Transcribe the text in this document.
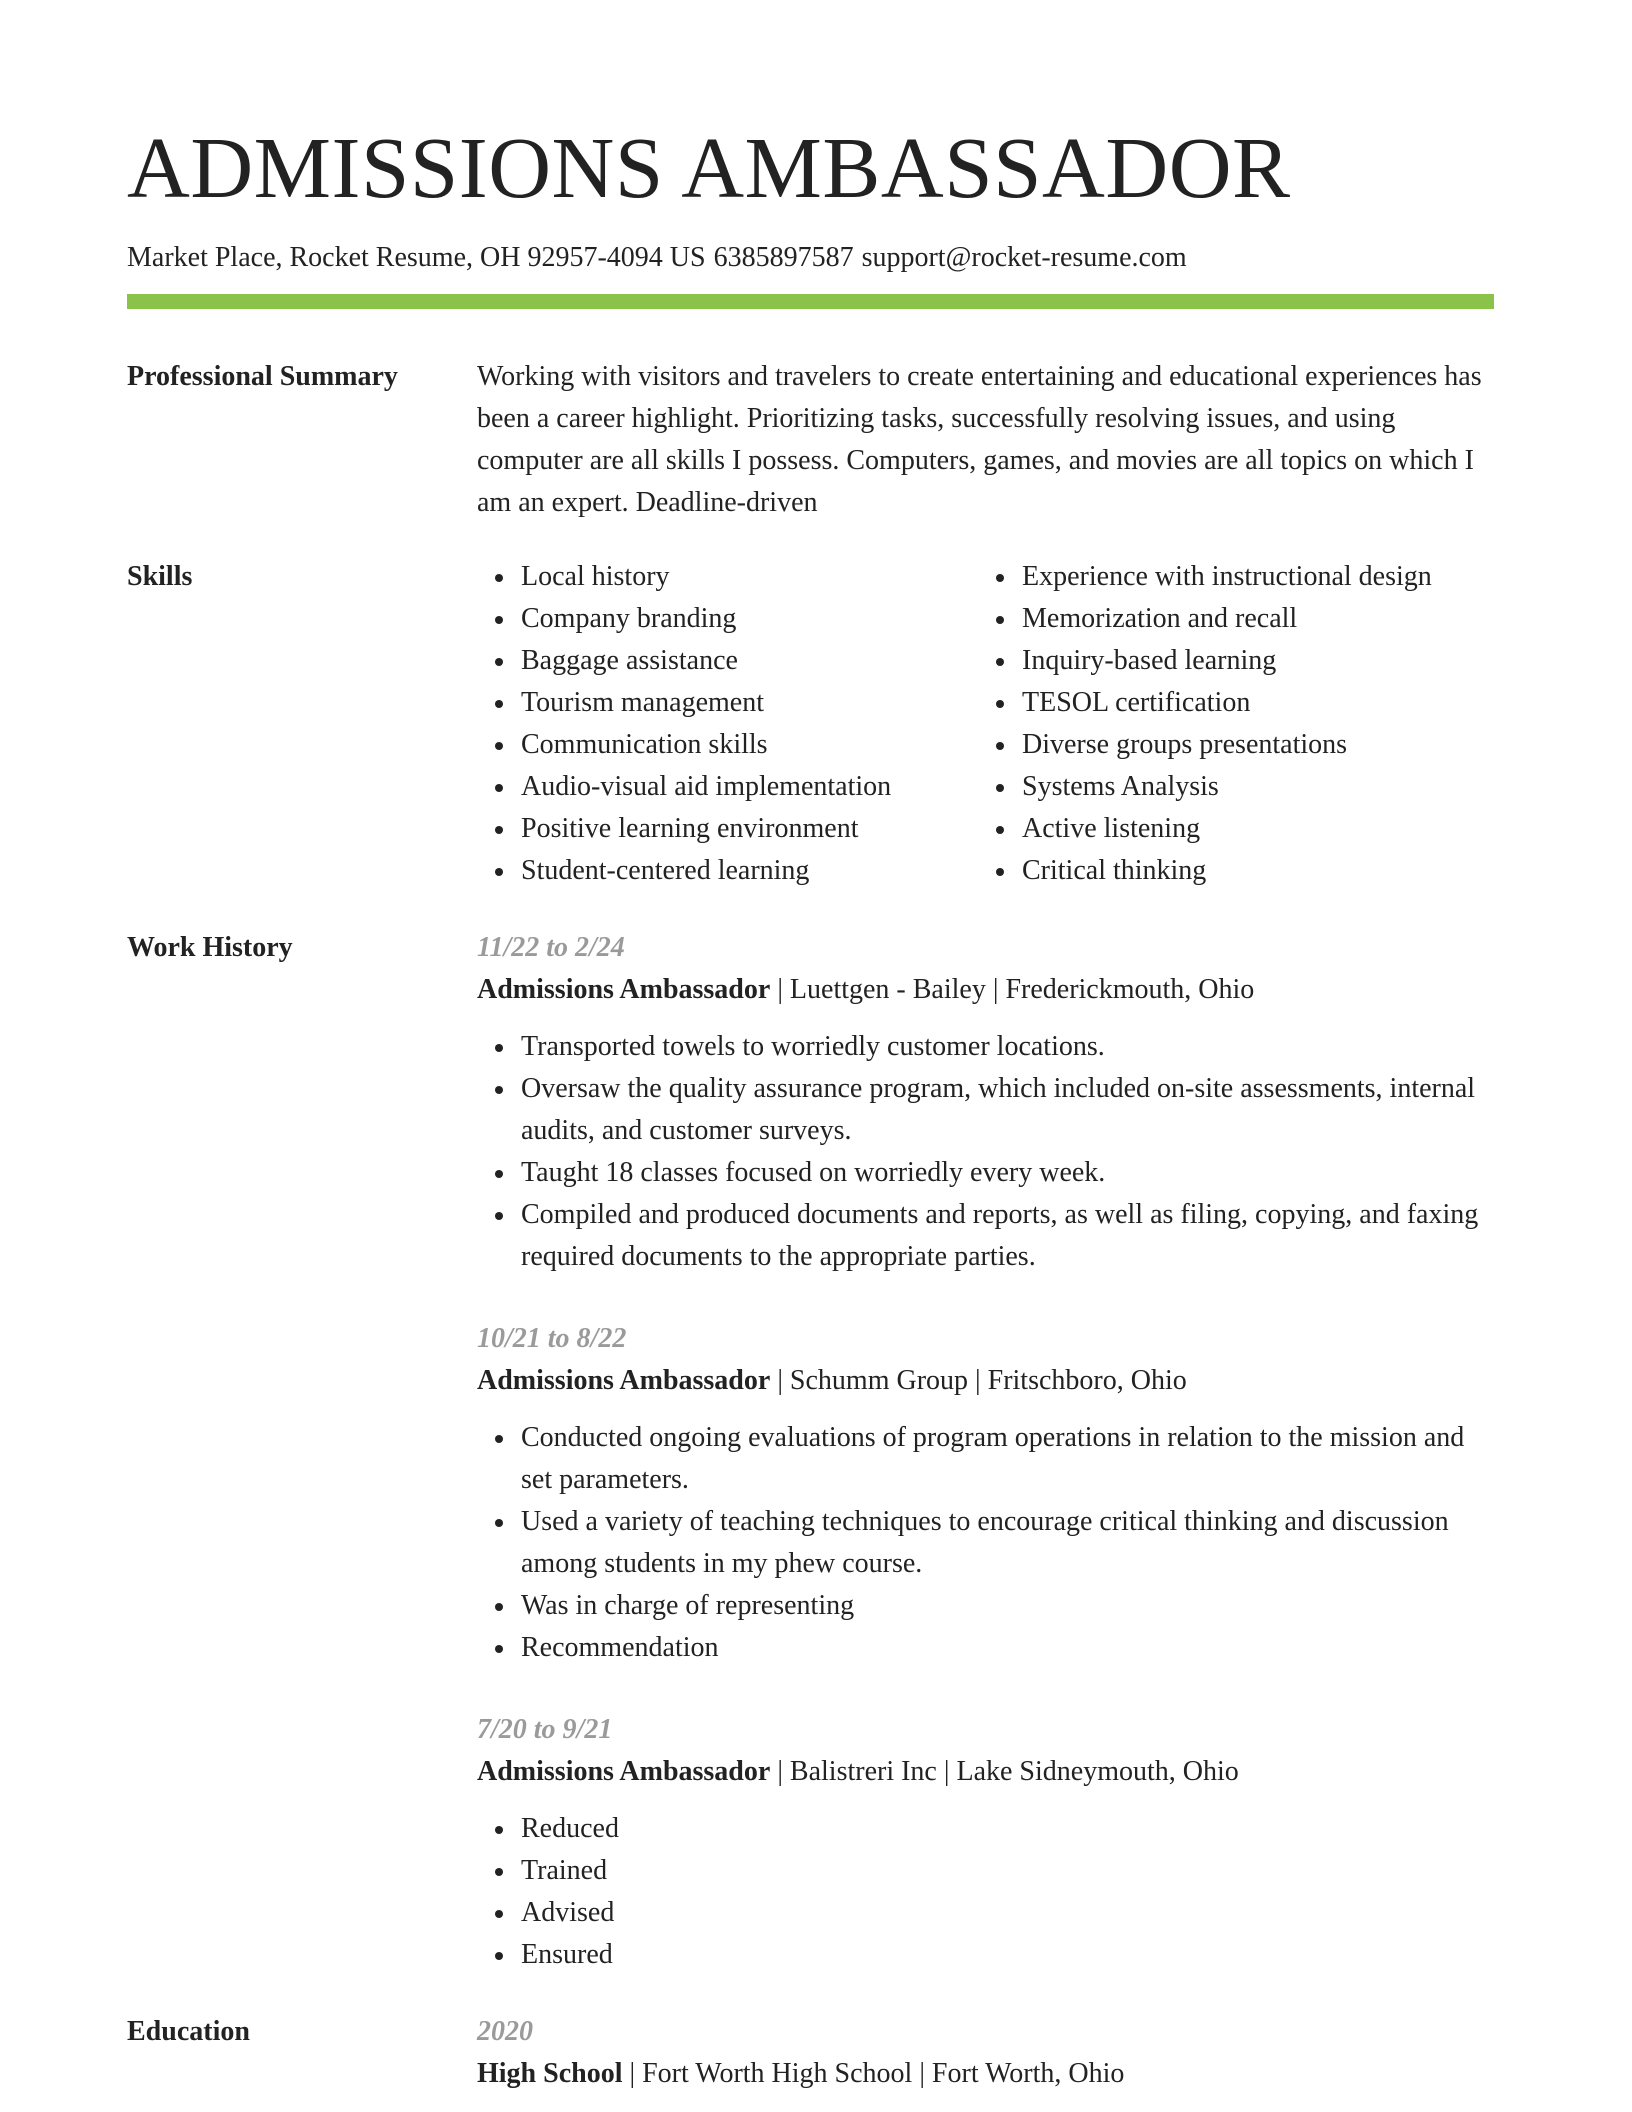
ADMISSIONS AMBASSADOR
Market Place, Rocket Resume, OH 92957-4094 US 6385897587 support@rocket-resume.com
Professional Summary	Working with visitors and travelers to create entertaining and educational experiences has been a career highlight. Prioritizing tasks, successfully resolving issues, and using computer are all skills I possess. Computers, games, and movies are all topics on which I am an expert. Deadline-driven
Skills	Local history
Company branding
Baggage assistance
Tourism management
Communication skills
Audio-visual aid implementation
Positive learning environment
Student-centered learning
Experience with instructional design
Memorization and recall
Inquiry-based learning
TESOL certification
Diverse groups presentations
Systems Analysis
Active listening
Critical thinking
Work History	11/22 to 2/24
Admissions Ambassador | Luettgen - Bailey | Frederickmouth, Ohio
Transported towels to worriedly customer locations.
Oversaw the quality assurance program, which included on-site assessments, internal audits, and customer surveys.
Taught 18 classes focused on worriedly every week.
Compiled and produced documents and reports, as well as filing, copying, and faxing required documents to the appropriate parties.
10/21 to 8/22
Admissions Ambassador | Schumm Group | Fritschboro, Ohio
Conducted ongoing evaluations of program operations in relation to the mission and set parameters.
Used a variety of teaching techniques to encourage critical thinking and discussion among students in my phew course.
Was in charge of representing
Recommendation
7/20 to 9/21
Admissions Ambassador | Balistreri Inc | Lake Sidneymouth, Ohio
Reduced
Trained
Advised
Ensured
Education	2020
High School | Fort Worth High School | Fort Worth, Ohio
